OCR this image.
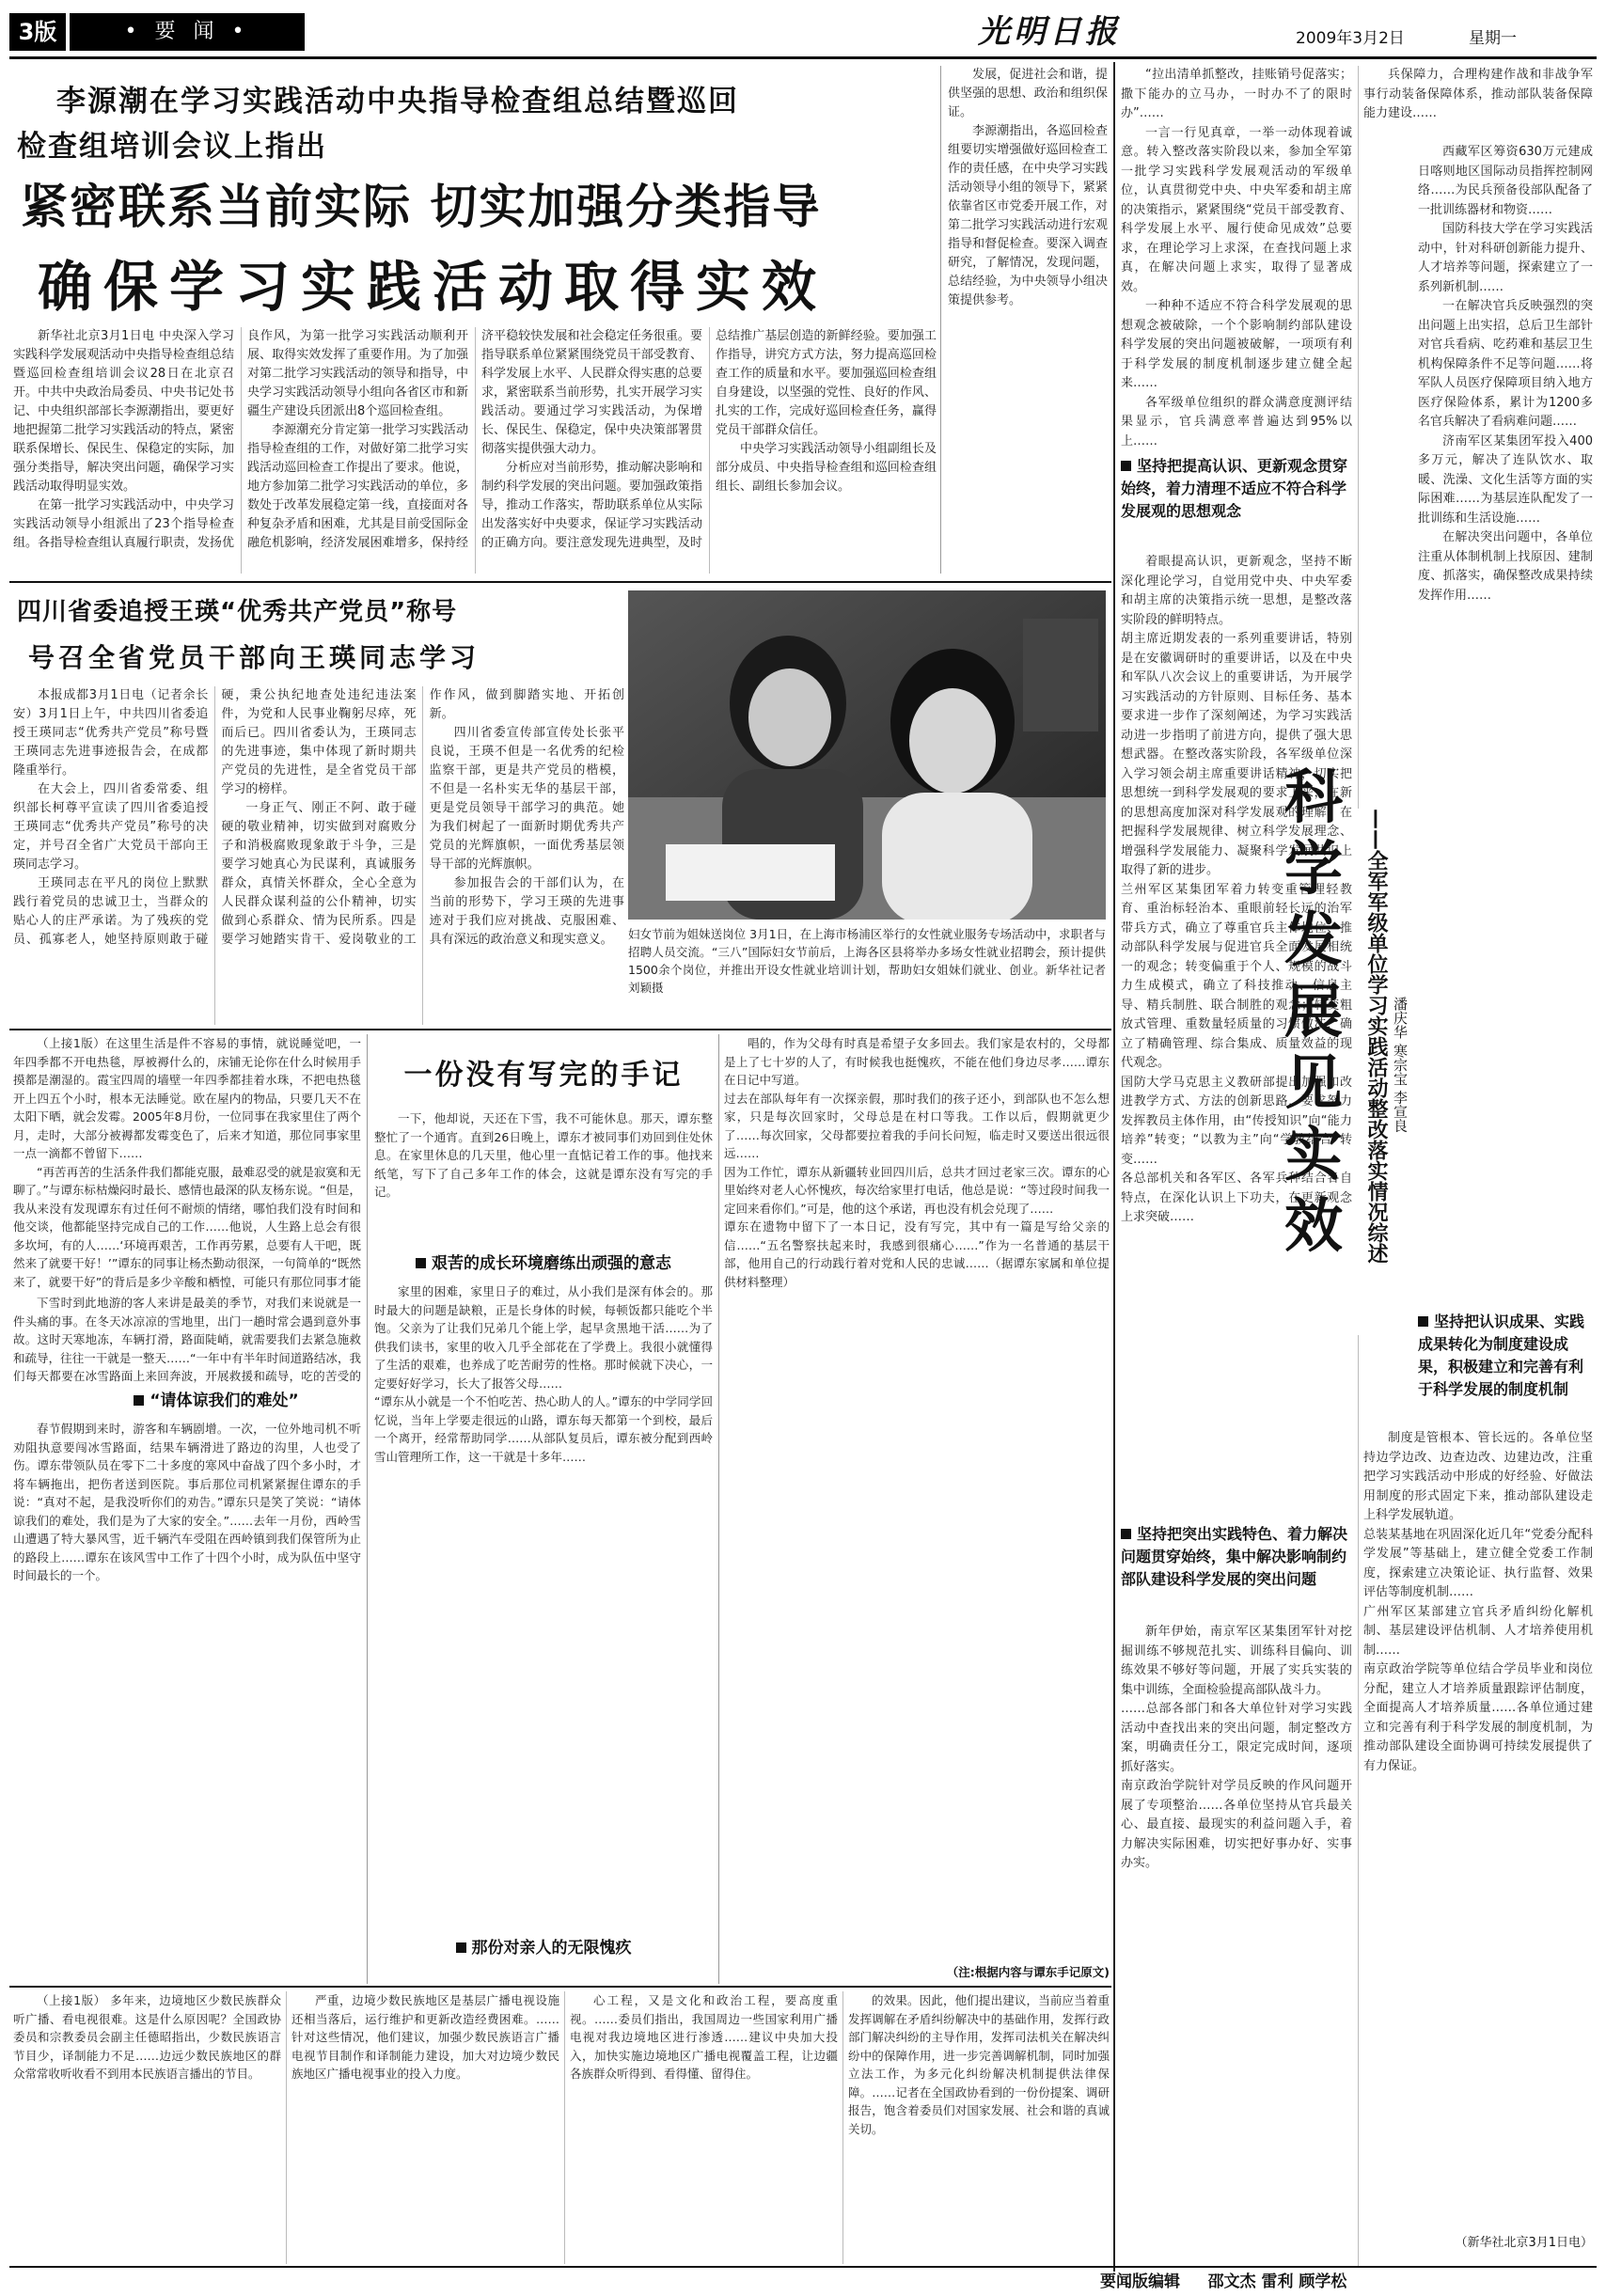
3版	• 要 闻 •	光明日报	2009年3月2日	星期一
李源潮在学习实践活动中央指导检查组总结暨巡回
检查组培训会议上指出
紧密联系当前实际 切实加强分类指导
确保学习实践活动取得实效

新华社北京3月1日电 中央深入学习实践科学发展观活动中央指导检查组总结暨巡回检查组培训会议28日在北京召开。中共中央政治局委员、中央书记处书记、中央组织部部长李源潮指出，要更好地把握第二批学习实践活动的特点，紧密联系保增长、保民生、保稳定的实际，加强分类指导，解决突出问题，确保学习实践活动取得明显实效。

在第一批学习实践活动中，中央学习实践活动领导小组派出了23个指导检查组。各指导检查组认真履行职责，发扬优良作风，为第一批学习实践活动顺利开展、取得实效发挥了重要作用。为了加强对第二批学习实践活动的领导和指导，中央学习实践活动领导小组向各省区市和新疆生产建设兵团派出8个巡回检查组。

李源潮充分肯定第一批学习实践活动指导检查组的工作，对做好第二批学习实践活动巡回检查工作提出了要求。他说，地方参加第二批学习实践活动的单位，多数处于改革发展稳定第一线，直接面对各种复杂矛盾和困难，尤其是目前受国际金融危机影响，经济发展困难增多，保持经济平稳较快发展和社会稳定任务很重。要指导联系单位紧紧围绕党员干部受教育、科学发展上水平、人民群众得实惠的总要求，紧密联系当前形势，扎实开展学习实践活动。要通过学习实践活动，为保增长、保民生、保稳定，保中央决策部署贯彻落实提供强大动力。

分析应对当前形势，推动解决影响和制约科学发展的突出问题。要加强政策指导，推动工作落实，帮助联系单位从实际出发落实好中央要求，保证学习实践活动的正确方向。要注意发现先进典型，及时总结推广基层创造的新鲜经验。要加强工作指导，讲究方式方法，努力提高巡回检查工作的质量和水平。要加强巡回检查组自身建设，以坚强的党性、良好的作风、扎实的工作，完成好巡回检查任务，赢得党员干部群众信任。

中央学习实践活动领导小组副组长及部分成员、中央指导检查组和巡回检查组组长、副组长参加会议。

发展，促进社会和谐，提供坚强的思想、政治和组织保证。

李源潮指出，各巡回检查组要切实增强做好巡回检查工作的责任感，在中央学习实践活动领导小组的领导下，紧紧依靠省区市党委开展工作，对第二批学习实践活动进行宏观指导和督促检查。要深入调查研究，了解情况，发现问题，总结经验，为中央领导小组决策提供参考。

四川省委追授王瑛“优秀共产党员”称号
号召全省党员干部向王瑛同志学习

本报成都3月1日电（记者余长安）3月1日上午，中共四川省委追授王瑛同志“优秀共产党员”称号暨王瑛同志先进事迹报告会，在成都隆重举行。

在大会上，四川省委常委、组织部长柯尊平宣读了四川省委追授王瑛同志“优秀共产党员”称号的决定，并号召全省广大党员干部向王瑛同志学习。

王瑛同志在平凡的岗位上默默践行着党员的忠诚卫士，当群众的贴心人的庄严承诺。为了残疾的党员、孤寡老人，她坚持原则敢于碰硬，秉公执纪地查处违纪违法案件，为党和人民事业鞠躬尽瘁，死而后已。四川省委认为，王瑛同志的先进事迹，集中体现了新时期共产党员的先进性，是全省党员干部学习的榜样。

一身正气、刚正不阿、敢于碰硬的敬业精神，切实做到对腐败分子和消极腐败现象敢于斗争，三是要学习她真心为民谋利，真诚服务群众，真情关怀群众，全心全意为人民群众谋利益的公仆精神，切实做到心系群众、情为民所系。四是要学习她踏实肯干、爱岗敬业的工作作风，做到脚踏实地、开拓创新。

四川省委宣传部宣传处长张平良说，王瑛不但是一名优秀的纪检监察干部，更是共产党员的楷模，不但是一名朴实无华的基层干部，更是党员领导干部学习的典范。她为我们树起了一面新时期优秀共产党员的光辉旗帜，一面优秀基层领导干部的光辉旗帜。

参加报告会的干部们认为，在当前的形势下，学习王瑛的先进事迹对于我们应对挑战、克服困难、具有深远的政治意义和现实意义。	妇女节前为姐妹送岗位 3月1日，在上海市杨浦区举行的女性就业服务专场活动中，求职者与招聘人员交流。“三八”国际妇女节前后，上海各区县将举办多场女性就业招聘会，预计提供1500余个岗位，并推出开设女性就业培训计划，帮助妇女姐妹们就业、创业。新华社记者 刘颖摄

（上接1版）在这里生活是件不容易的事情，就说睡觉吧，一年四季都不开电热毯，厚被褥什么的，床铺无论你在什么时候用手摸都是潮湿的。霞宝四周的墙壁一年四季都挂着水珠，不把电热毯开上四五个小时，根本无法睡觉。欧在屋内的物品，只要几天不在太阳下晒，就会发霉。2005年8月份，一位同事在我家里住了两个月，走时，大部分被褥都发霉变色了，后来才知道，那位同事家里一点一滴都不曾留下……

“再苦再苦的生活条件我们都能克服，最难忍受的就是寂寞和无聊了。”与谭东标枯燥闷时最长、感情也最深的队友杨东说。“但是，我从来没有发现谭东有过任何不耐烦的情绪，哪怕我们没有时间和他交谈，他都能坚持完成自己的工作……他说，人生路上总会有很多坎坷，有的人……‘环境再艰苦，工作再劳累，总要有人干吧，既然来了就要干好！’”谭东的同事让杨杰勤动很深，一句简单的“既然来了，就要干好”的背后是多少辛酸和栖惶，可能只有那位同事才能

“请体谅我们的难处”

下雪时到此地游的客人来讲是最美的季节，对我们来说就是一件头痛的事。在冬天冰凉凉的雪地里，出门一趟时常会遇到意外事故。这时天寒地冻，车辆打滑，路面陡峭，就需要我们去紧急施救和疏导，往往一干就是一整天……“一年中有半年时间道路结冰，我们每天都要在冰雪路面上来回奔波，开展救援和疏导，吃的苦受的

春节假期到来时，游客和车辆剧增。一次，一位外地司机不听劝阻执意要闯冰雪路面，结果车辆滑进了路边的沟里，人也受了伤。谭东带领队员在零下二十多度的寒风中奋战了四个多小时，才将车辆拖出，把伤者送到医院。事后那位司机紧紧握住谭东的手说：“真对不起，是我没听你们的劝告。”谭东只是笑了笑说：“请体谅我们的难处，我们是为了大家的安全。”……去年一月份，西岭雪山遭遇了特大暴风雪，近千辆汽车受阻在西岭镇到我们保管所为止的路段上……谭东在该风雪中工作了十四个小时，成为队伍中坚守时间最长的一个。

一份没有写完的手记

一下，他却说，天还在下雪，我不可能休息。那天，谭东整整忙了一个通宵。直到26日晚上，谭东才被同事们劝回到住处休息。在家里休息的几天里，他心里一直惦记着工作的事。他找来纸笔，写下了自己多年工作的体会，这就是谭东没有写完的手记。

艰苦的成长环境磨练出顽强的意志
家里的困难，家里日子的难过，从小我们是深有体会的。那时最大的问题是缺粮，正是长身体的时候，每顿饭都只能吃个半饱。父亲为了让我们兄弟几个能上学，起早贪黑地干活……为了供我们读书，家里的收入几乎全部花在了学费上。我很小就懂得了生活的艰难，也养成了吃苦耐劳的性格。那时候就下决心，一定要好好学习，长大了报答父母……
“谭东从小就是一个不怕吃苦、热心助人的人。”谭东的中学同学回忆说，当年上学要走很远的山路，谭东每天都第一个到校，最后一个离开，经常帮助同学……从部队复员后，谭东被分配到西岭雪山管理所工作，这一干就是十多年……
那份对亲人的无限愧疚
唱的，作为父母有时真是希望子女多回去。我们家是农村的，父母都是上了七十岁的人了，有时候我也挺愧疚，不能在他们身边尽孝……谭东在日记中写道。
过去在部队每年有一次探亲假，那时我们的孩子还小，到部队也不怎么想家，只是每次回家时，父母总是在村口等我。工作以后，假期就更少了……每次回家，父母都要拉着我的手问长问短，临走时又要送出很远很远……
因为工作忙，谭东从新疆转业回四川后，总共才回过老家三次。谭东的心里始终对老人心怀愧疚，每次给家里打电话，他总是说：“等过段时间我一定回来看你们。”可是，他的这个承诺，再也没有机会兑现了……
谭东在遗物中留下了一本日记，没有写完，其中有一篇是写给父亲的信……“五名警察扶起来时，我感到很痛心……”作为一名普通的基层干部，他用自己的行动践行着对党和人民的忠诚……（据谭东家属和单位提供材料整理）
（注:根据内容与谭东手记原文)

（上接1版） 多年来，边境地区少数民族群众听广播、看电视很难。这是什么原因呢？全国政协委员和宗教委员会副主任德昭指出，少数民族语言节目少，译制能力不足……边远少数民族地区的群众常常收听收看不到用本民族语言播出的节目。

严重，边境少数民族地区是基层广播电视设施还相当落后，运行维护和更新改造经费困难。……针对这些情况，他们建议，加强少数民族语言广播电视节目制作和译制能力建设，加大对边境少数民族地区广播电视事业的投入力度。

心工程，又是文化和政治工程，要高度重视。……委员们指出，我国周边一些国家利用广播电视对我边境地区进行渗透……建议中央加大投入，加快实施边境地区广播电视覆盖工程，让边疆各族群众听得到、看得懂、留得住。

的效果。因此，他们提出建议，当前应当着重发挥调解在矛盾纠纷解决中的基础作用，发挥行政部门解决纠纷的主导作用，发挥司法机关在解决纠纷中的保障作用，进一步完善调解机制，同时加强立法工作，为多元化纠纷解决机制提供法律保障。……记者在全国政协看到的一份份提案、调研报告，饱含着委员们对国家发展、社会和谐的真诚关切。

“拉出清单抓整改，挂账销号促落实；撒下能办的立马办，一时办不了的限时办”……

一言一行见真章，一举一动体现着诚意。转入整改落实阶段以来，参加全军第一批学习实践科学发展观活动的军级单位，认真贯彻党中央、中央军委和胡主席的决策指示，紧紧围绕“党员干部受教育、科学发展上水平、履行使命见成效”总要求，在理论学习上求深，在查找问题上求真，在解决问题上求实，取得了显著成效。

一种种不适应不符合科学发展观的思想观念被破除，一个个影响制约部队建设科学发展的突出问题被破解，一项项有利于科学发展的制度机制逐步建立健全起来……

各军级单位组织的群众满意度测评结果显示，官兵满意率普遍达到95%以上……

坚持把提高认识、更新观念贯穿始终，着力清理不适应不符合科学发展观的思想观念
着眼提高认识，更新观念，坚持不断深化理论学习，自觉用党中央、中央军委和胡主席的决策指示统一思想，是整改落实阶段的鲜明特点。
胡主席近期发表的一系列重要讲话，特别是在安徽调研时的重要讲话，以及在中央和军队八次会议上的重要讲话，为开展学习实践活动的方针原则、目标任务、基本要求进一步作了深刻阐述，为学习实践活动进一步指明了前进方向，提供了强大思想武器。在整改落实阶段，各军级单位深入学习领会胡主席重要讲话精神，切实把思想统一到科学发展观的要求上来，在新的思想高度加深对科学发展观的理解，在把握科学发展规律、树立科学发展理念、增强科学发展能力、凝聚科学发展共识上取得了新的进步。
兰州军区某集团军着力转变重管理轻教育、重治标轻治本、重眼前轻长远的治军带兵方式，确立了尊重官兵主体地位、推动部队科学发展与促进官兵全面发展相统一的观念；转变偏重于个人、规模的战斗力生成模式，确立了科技推动、信息主导、精兵制胜、联合制胜的观念；转变粗放式管理、重数量轻质量的习惯做法，确立了精确管理、综合集成、质量效益的现代观念。
国防大学马克思主义教研部提出加强和改进教学方式、方法的创新思路，要求努力发挥教员主体作用，由“传授知识”向“能力培养”转变；“以教为主”向“学教结合”转变……
各总部机关和各军区、各军兵种结合各自特点，在深化认识上下功夫，在更新观念上求突破……
坚持把突出实践特色、着力解决问题贯穿始终，集中解决影响制约部队建设科学发展的突出问题
新年伊始，南京军区某集团军针对挖掘训练不够规范扎实、训练科目偏向、训练效果不够好等问题，开展了实兵实装的集中训练，全面检验提高部队战斗力。
……总部各部门和各大单位针对学习实践活动中查找出来的突出问题，制定整改方案，明确责任分工，限定完成时间，逐项抓好落实。
南京政治学院针对学员反映的作风问题开展了专项整治……各单位坚持从官兵最关心、最直接、最现实的利益问题入手，着力解决实际困难，切实把好事办好、实事办实。
科
学
发
展
见
实
效	——全军军级单位学习实践活动整改落实情况综述 潘庆华 寒宗宝 李宣良

兵保障力，合理构建作战和非战争军事行动装备保障体系，推动部队装备保障能力建设……

西藏军区筹资630万元建成日喀则地区国际动员指挥控制网络……为民兵预备役部队配备了一批训练器材和物资……

国防科技大学在学习实践活动中，针对科研创新能力提升、人才培养等问题，探索建立了一系列新机制……

一在解决官兵反映强烈的突出问题上出实招，总后卫生部针对官兵看病、吃药难和基层卫生机构保障条件不足等问题……将军队人员医疗保障项目纳入地方医疗保险体系，累计为1200多名官兵解决了看病难问题……

济南军区某集团军投入400多万元，解决了连队饮水、取暖、洗澡、文化生活等方面的实际困难……为基层连队配发了一批训练和生活设施……

在解决突出问题中，各单位注重从体制机制上找原因、建制度、抓落实，确保整改成果持续发挥作用……

坚持把认识成果、实践成果转化为制度建设成果，积极建立和完善有利于科学发展的制度机制
制度是管根本、管长远的。各单位坚持边学边改、边查边改、边建边改，注重把学习实践活动中形成的好经验、好做法用制度的形式固定下来，推动部队建设走上科学发展轨道。
总装某基地在巩固深化近几年“党委分配科学发展”等基础上，建立健全党委工作制度，探索建立决策论证、执行监督、效果评估等制度机制……
广州军区某部建立官兵矛盾纠纷化解机制、基层建设评估机制、人才培养使用机制……
南京政治学院等单位结合学员毕业和岗位分配，建立人才培养质量跟踪评估制度，全面提高人才培养质量……各单位通过建立和完善有利于科学发展的制度机制，为推动部队建设全面协调可持续发展提供了有力保证。
（新华社北京3月1日电）
要闻版编辑 邵文杰 雷利 顾学松
